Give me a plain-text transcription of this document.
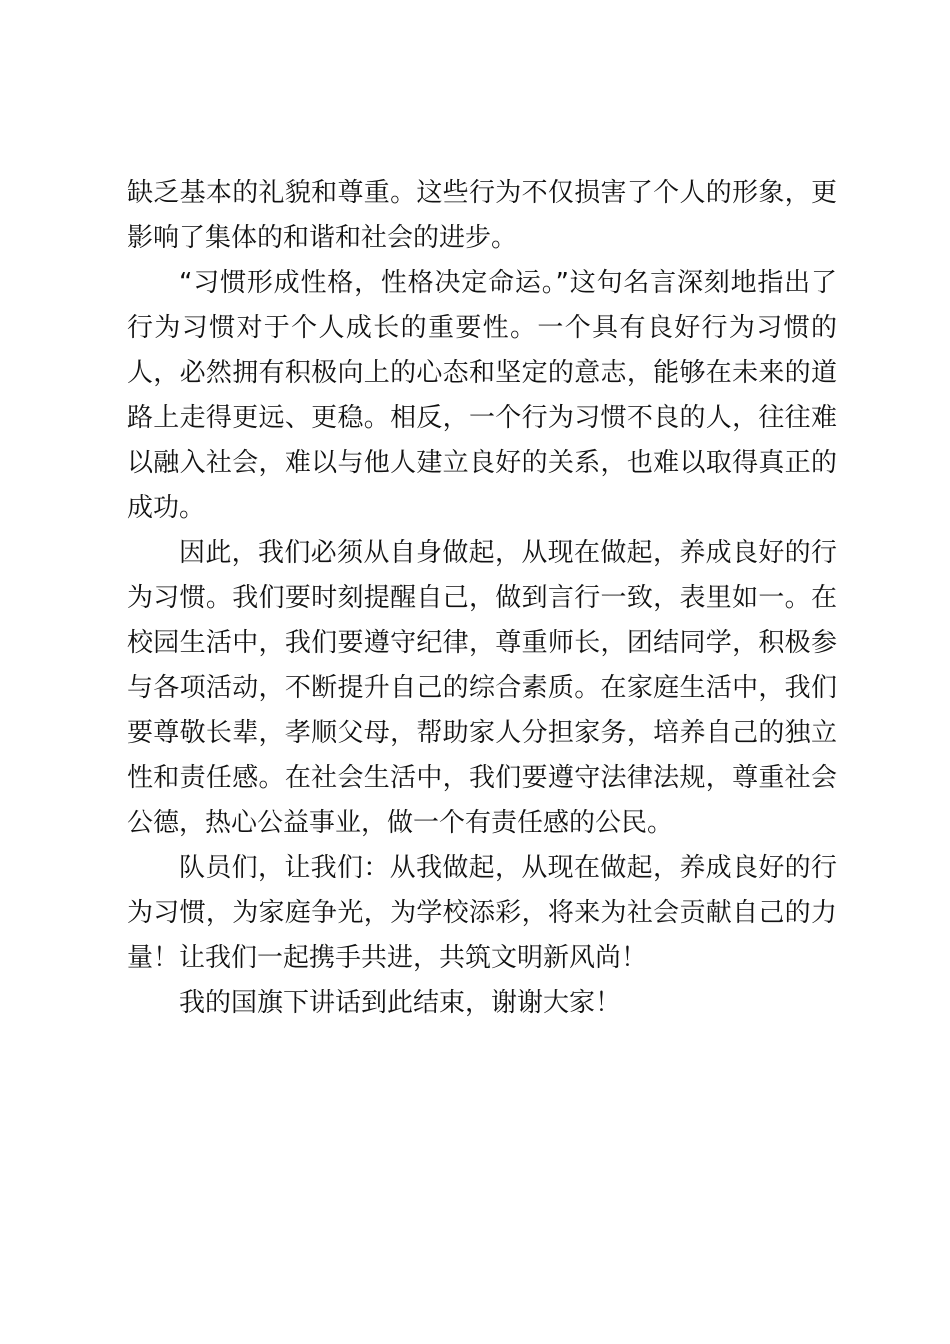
缺乏基本的礼貌和尊重。这些行为不仅损害了个人的形象，更影响了集体的和谐和社会的进步。

“习惯形成性格，性格决定命运。”这句名言深刻地指出了行为习惯对于个人成长的重要性。一个具有良好行为习惯的人，必然拥有积极向上的心态和坚定的意志，能够在未来的道路上走得更远、更稳。相反，一个行为习惯不良的人，往往难以融入社会，难以与他人建立良好的关系，也难以取得真正的成功。

因此，我们必须从自身做起，从现在做起，养成良好的行为习惯。我们要时刻提醒自己，做到言行一致，表里如一。在校园生活中，我们要遵守纪律，尊重师长，团结同学，积极参与各项活动，不断提升自己的综合素质。在家庭生活中，我们要尊敬长辈，孝顺父母，帮助家人分担家务，培养自己的独立性和责任感。在社会生活中，我们要遵守法律法规，尊重社会公德，热心公益事业，做一个有责任感的公民。

队员们，让我们：从我做起，从现在做起，养成良好的行为习惯，为家庭争光，为学校添彩，将来为社会贡献自己的力量！让我们一起携手共进，共筑文明新风尚！

我的国旗下讲话到此结束，谢谢大家！
